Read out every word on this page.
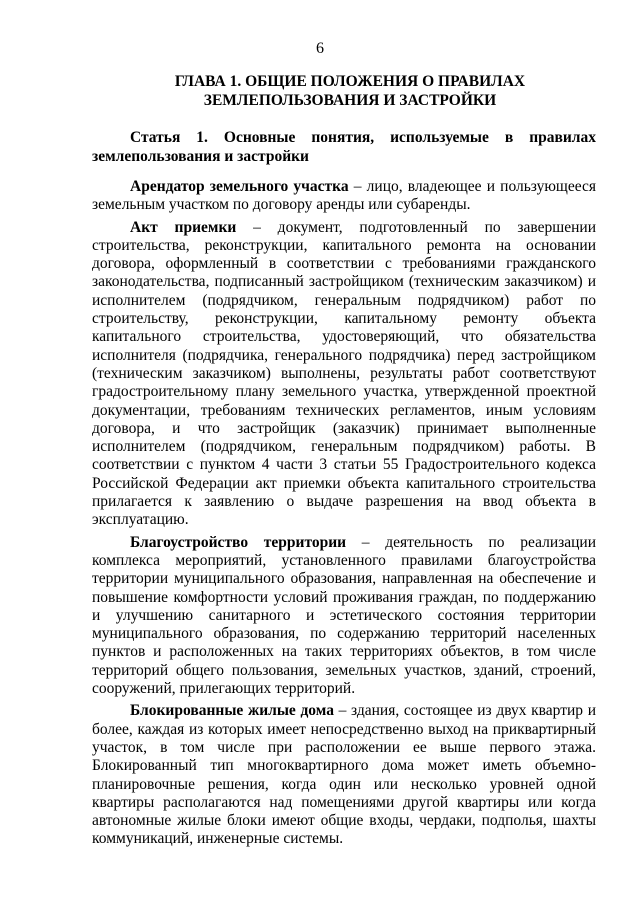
6
ГЛАВА 1. ОБЩИЕ ПОЛОЖЕНИЯ О ПРАВИЛАХ
ЗЕМЛЕПОЛЬЗОВАНИЯ И ЗАСТРОЙКИ
Статья 1. Основные понятия, используемые в правилах землепользования и застройки

Арендатор земельного участка – лицо, владеющее и пользующееся земельным участком по договору аренды или субаренды.

Акт приемки – документ, подготовленный по завершении строительства, реконструкции, капитального ремонта на основании договора, оформленный в соответствии с требованиями гражданского законодательства, подписанный застройщиком (техническим заказчиком) и исполнителем (подрядчиком, генеральным подрядчиком) работ по строительству, реконструкции, капитальному ремонту объекта капитального строительства, удостоверяющий, что обязательства исполнителя (подрядчика, генерального подрядчика) перед застройщиком (техническим заказчиком) выполнены, результаты работ соответствуют градостроительному плану земельного участка, утвержденной проектной документации, требованиям технических регламентов, иным условиям договора, и что застройщик (заказчик) принимает выполненные исполнителем (подрядчиком, генеральным подрядчиком) работы. В соответствии с пунктом 4 части 3 статьи 55 Градостроительного кодекса Российской Федерации акт приемки объекта капитального строительства прилагается к заявлению о выдаче разрешения на ввод объекта в эксплуатацию.

Благоустройство территории – деятельность по реализации комплекса мероприятий, установленного правилами благоустройства территории муниципального образования, направленная на обеспечение и повышение комфортности условий проживания граждан, по поддержанию и улучшению санитарного и эстетического состояния территории муниципального образования, по содержанию территорий населенных пунктов и расположенных на таких территориях объектов, в том числе территорий общего пользования, земельных участков, зданий, строений, сооружений, прилегающих территорий.

Блокированные жилые дома – здания, состоящее из двух квартир и более, каждая из которых имеет непосредственно выход на приквартирный участок, в том числе при расположении ее выше первого этажа. Блокированный тип многоквартирного дома может иметь объемно-планировочные решения, когда один или несколько уровней одной квартиры располагаются над помещениями другой квартиры или когда автономные жилые блоки имеют общие входы, чердаки, подполья, шахты коммуникаций, инженерные системы.
